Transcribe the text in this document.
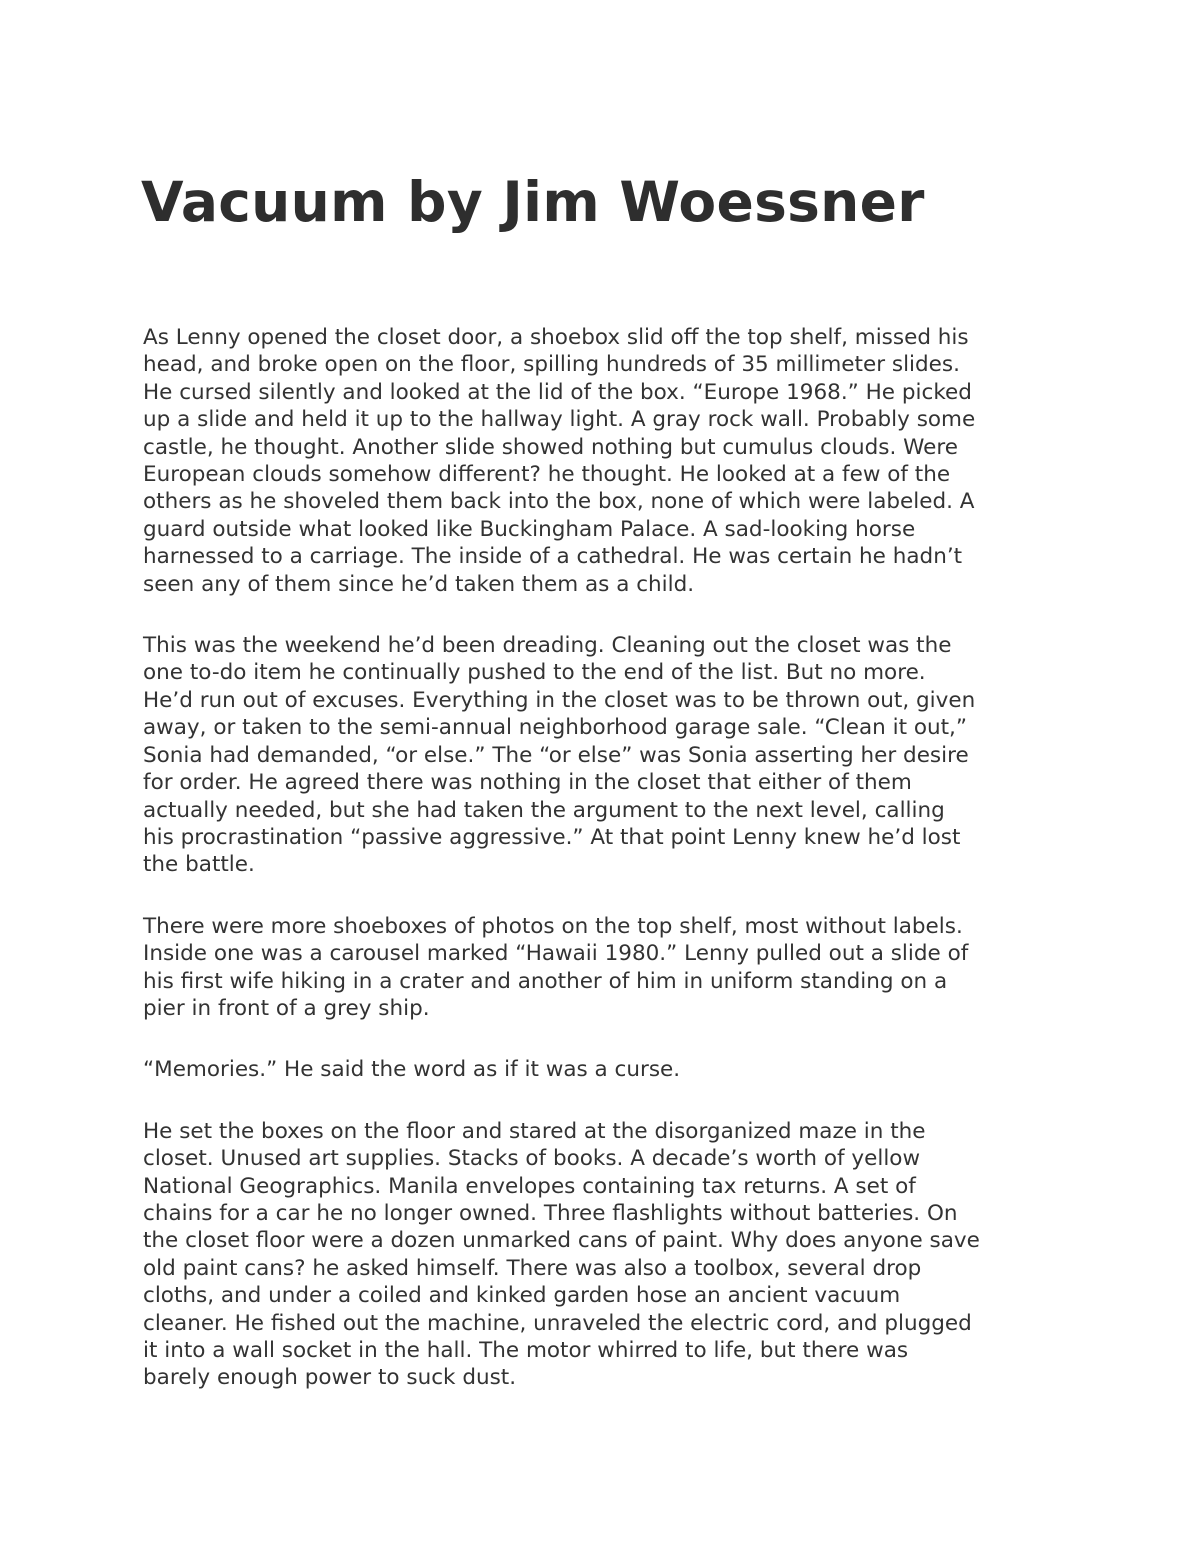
Vacuum by Jim Woessner
As Lenny opened the closet door, a shoebox slid off the top shelf, missed his
head, and broke open on the floor, spilling hundreds of 35 millimeter slides.
He cursed silently and looked at the lid of the box. “Europe 1968.” He picked
up a slide and held it up to the hallway light. A gray rock wall. Probably some
castle, he thought. Another slide showed nothing but cumulus clouds. Were
European clouds somehow different? he thought. He looked at a few of the
others as he shoveled them back into the box, none of which were labeled. A
guard outside what looked like Buckingham Palace. A sad-looking horse
harnessed to a carriage. The inside of a cathedral. He was certain he hadn’t
seen any of them since he’d taken them as a child.
This was the weekend he’d been dreading. Cleaning out the closet was the
one to-do item he continually pushed to the end of the list. But no more.
He’d run out of excuses. Everything in the closet was to be thrown out, given
away, or taken to the semi-annual neighborhood garage sale. “Clean it out,”
Sonia had demanded, “or else.” The “or else” was Sonia asserting her desire
for order. He agreed there was nothing in the closet that either of them
actually needed, but she had taken the argument to the next level, calling
his procrastination “passive aggressive.” At that point Lenny knew he’d lost
the battle.
There were more shoeboxes of photos on the top shelf, most without labels.
Inside one was a carousel marked “Hawaii 1980.” Lenny pulled out a slide of
his first wife hiking in a crater and another of him in uniform standing on a
pier in front of a grey ship.
“Memories.” He said the word as if it was a curse.
He set the boxes on the floor and stared at the disorganized maze in the
closet. Unused art supplies. Stacks of books. A decade’s worth of yellow
National Geographics. Manila envelopes containing tax returns. A set of
chains for a car he no longer owned. Three flashlights without batteries. On
the closet floor were a dozen unmarked cans of paint. Why does anyone save
old paint cans? he asked himself. There was also a toolbox, several drop
cloths, and under a coiled and kinked garden hose an ancient vacuum
cleaner. He fished out the machine, unraveled the electric cord, and plugged
it into a wall socket in the hall. The motor whirred to life, but there was
barely enough power to suck dust.
